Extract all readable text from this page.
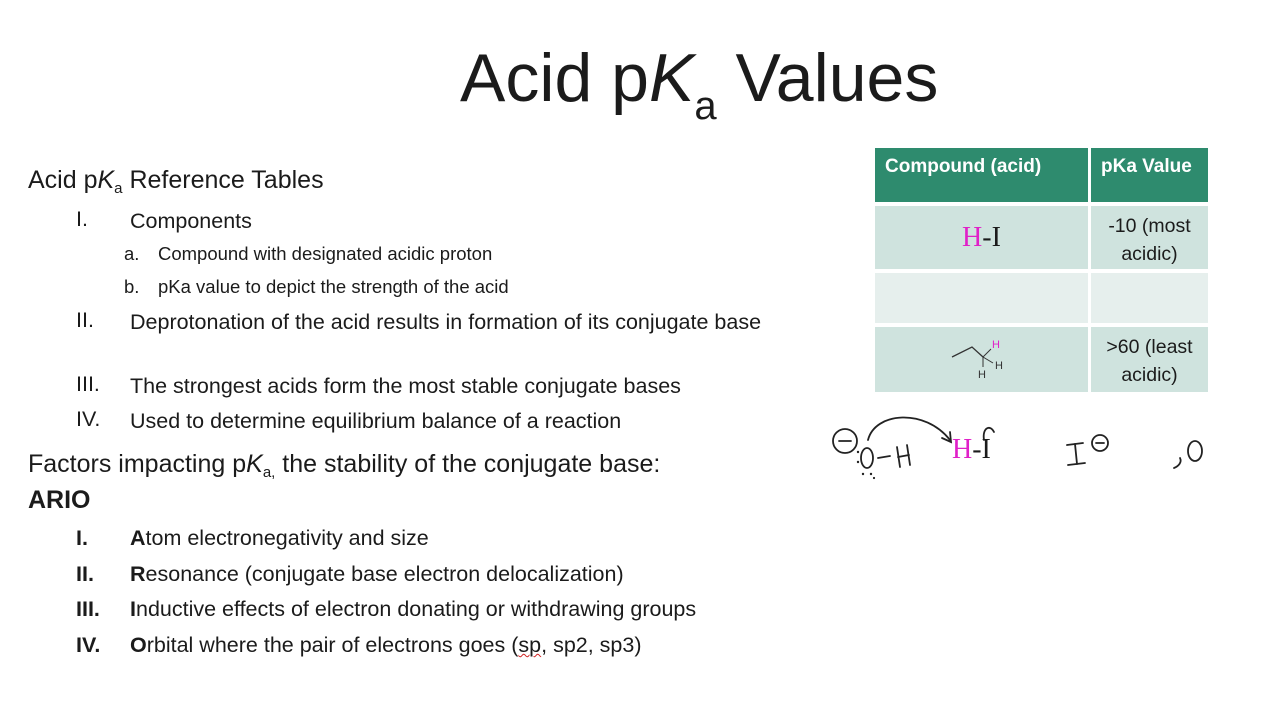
Acid $pK_a$ Values
Acid $pK_a$ Reference Tables
I. Components
a. Compound with designated acidic proton
b. pKa value to depict the strength of the acid
II. Deprotonation of the acid results in formation of its conjugate base
III. The strongest acids form the most stable conjugate bases
IV. Used to determine equilibrium balance of a reaction
Factors impacting $pK_{a,}$ the stability of the conjugate base:
ARIO
I. Atom electronegativity and size
II. Resonance (conjugate base electron delocalization)
III. Inductive effects of electron donating or withdrawing groups
IV. Orbital where the pair of electrons goes (sp, sp2, sp3)
Compound (acid)	pKa Value
H-I	-10 (most
acidic)
H
H
H
>60 (least
acidic)
H-I
